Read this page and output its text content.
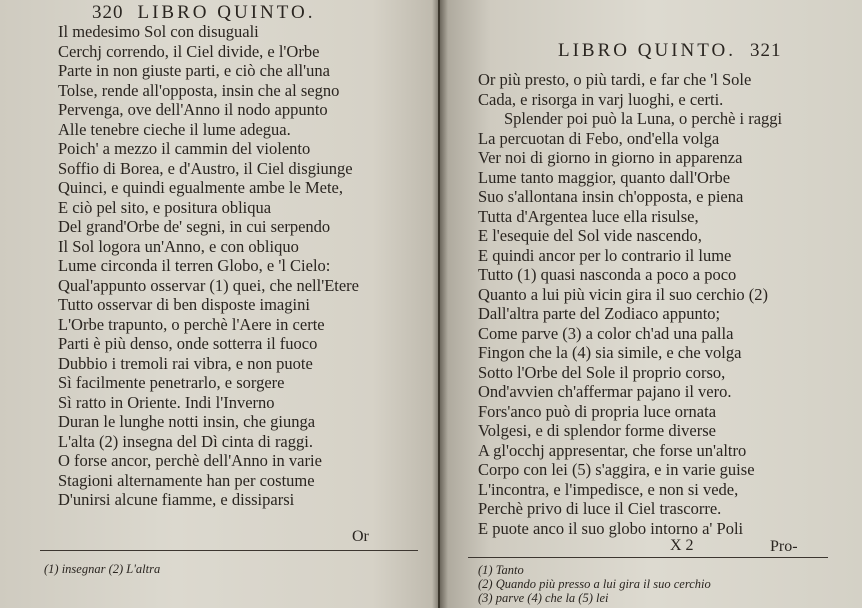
320 LIBRO QUINTO.
Il medesimo Sol con disuguali
Cerchj correndo, il Ciel divide, e l'Orbe
Parte in non giuste parti, e ciò che all'una
Tolse, rende all'opposta, insin che al segno
Pervenga, ove dell'Anno il nodo appunto
Alle tenebre cieche il lume adegua.
Poich' a mezzo il cammin del violento
Soffio di Borea, e d'Austro, il Ciel disgiunge
Quinci, e quindi egualmente ambe le Mete,
E ciò pel sito, e positura obliqua
Del grand'Orbe de' segni, in cui serpendo
Il Sol logora un'Anno, e con obliquo
Lume circonda il terren Globo, e 'l Cielo:
Qual'appunto osservar (1) quei, che nell'Etere
Tutto osservar di ben disposte imagini
L'Orbe trapunto, o perchè l'Aere in certe
Parti è più denso, onde sotterra il fuoco
Dubbio i tremoli rai vibra, e non puote
Sì facilmente penetrarlo, e sorgere
Sì ratto in Oriente. Indi l'Inverno
Duran le lunghe notti insin, che giunga
L'alta (2) insegna del Dì cinta di raggi.
O forse ancor, perchè dell'Anno in varie
Stagioni alternamente han per costume
D'unirsi alcune fiamme, e dissiparsi
Or
(1) insegnar (2) L'altra
LIBRO QUINTO. 321
Or più presto, o più tardi, e far che 'l Sole
Cada, e risorga in varj luoghi, e certi.
Splender poi può la Luna, o perchè i raggi
La percuotan di Febo, ond'ella volga
Ver noi di giorno in giorno in apparenza
Lume tanto maggior, quanto dall'Orbe
Suo s'allontana insin ch'opposta, e piena
Tutta d'Argentea luce ella risulse,
E l'esequie del Sol vide nascendo,
E quindi ancor per lo contrario il lume
Tutto (1) quasi nasconda a poco a poco
Quanto a lui più vicin gira il suo cerchio (2)
Dall'altra parte del Zodiaco appunto;
Come parve (3) a color ch'ad una palla
Fingon che la (4) sia simile, e che volga
Sotto l'Orbe del Sole il proprio corso,
Ond'avvien ch'affermar pajano il vero.
Fors'anco può di propria luce ornata
Volgesi, e di splendor forme diverse
A gl'occhj appresentar, che forse un'altro
Corpo con lei (5) s'aggira, e in varie guise
L'incontra, e l'impedisce, e non si vede,
Perchè privo di luce il Ciel trascorre.
E puote anco il suo globo intorno a' Poli
X 2	Pro-
(1) Tanto
(2) Quando più presso a lui gira il suo cerchio
(3) parve (4) che la (5) lei
